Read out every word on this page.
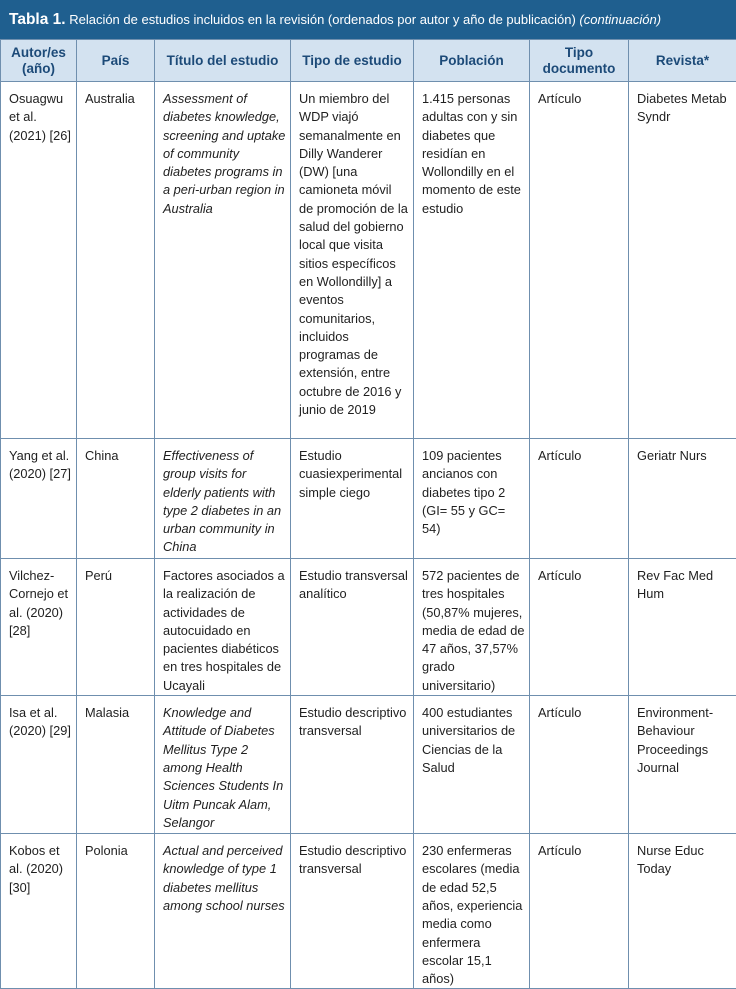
Tabla 1. Relación de estudios incluidos en la revisión (ordenados por autor y año de publicación) (continuación)
Autor/es (año)	País	Título del estudio	Tipo de estudio	Población	Tipo documento	Revista*
Osuagwu et al. (2021) [26]	Australia	Assessment of diabetes knowledge, screening and uptake of community diabetes programs in a peri-urban region in Australia	Un miembro del WDP viajó semanalmente en Dilly Wanderer (DW) [una camioneta móvil de promoción de la salud del gobierno local que visita sitios específicos en Wollondilly] a eventos comunitarios, incluidos programas de extensión, entre octubre de 2016 y junio de 2019	1.415 personas adultas con y sin diabetes que residían en Wollondilly en el momento de este estudio	Artículo	Diabetes Metab Syndr
Yang et al. (2020) [27]	China	Effectiveness of group visits for elderly patients with type 2 diabetes in an urban community in China	Estudio cuasiexperimental simple ciego	109 pacientes ancianos con diabetes tipo 2 (GI= 55 y GC= 54)	Artículo	Geriatr Nurs
Vilchez-Cornejo et al. (2020) [28]	Perú	Factores asociados a la realización de actividades de autocuidado en pacientes diabéticos en tres hospitales de Ucayali	Estudio transversal analítico	572 pacientes de tres hospitales (50,87% mujeres, media de edad de 47 años, 37,57% grado universitario)	Artículo	Rev Fac Med Hum
Isa et al. (2020) [29]	Malasia	Knowledge and Attitude of Diabetes Mellitus Type 2 among Health Sciences Students In Uitm Puncak Alam, Selangor	Estudio descriptivo transversal	400 estudiantes universitarios de Ciencias de la Salud	Artículo	Environment-Behaviour Proceedings Journal
Kobos et al. (2020) [30]	Polonia	Actual and perceived knowledge of type 1 diabetes mellitus among school nurses	Estudio descriptivo transversal	230 enfermeras escolares (media de edad 52,5 años, experiencia media como enfermera escolar 15,1 años)	Artículo	Nurse Educ Today
